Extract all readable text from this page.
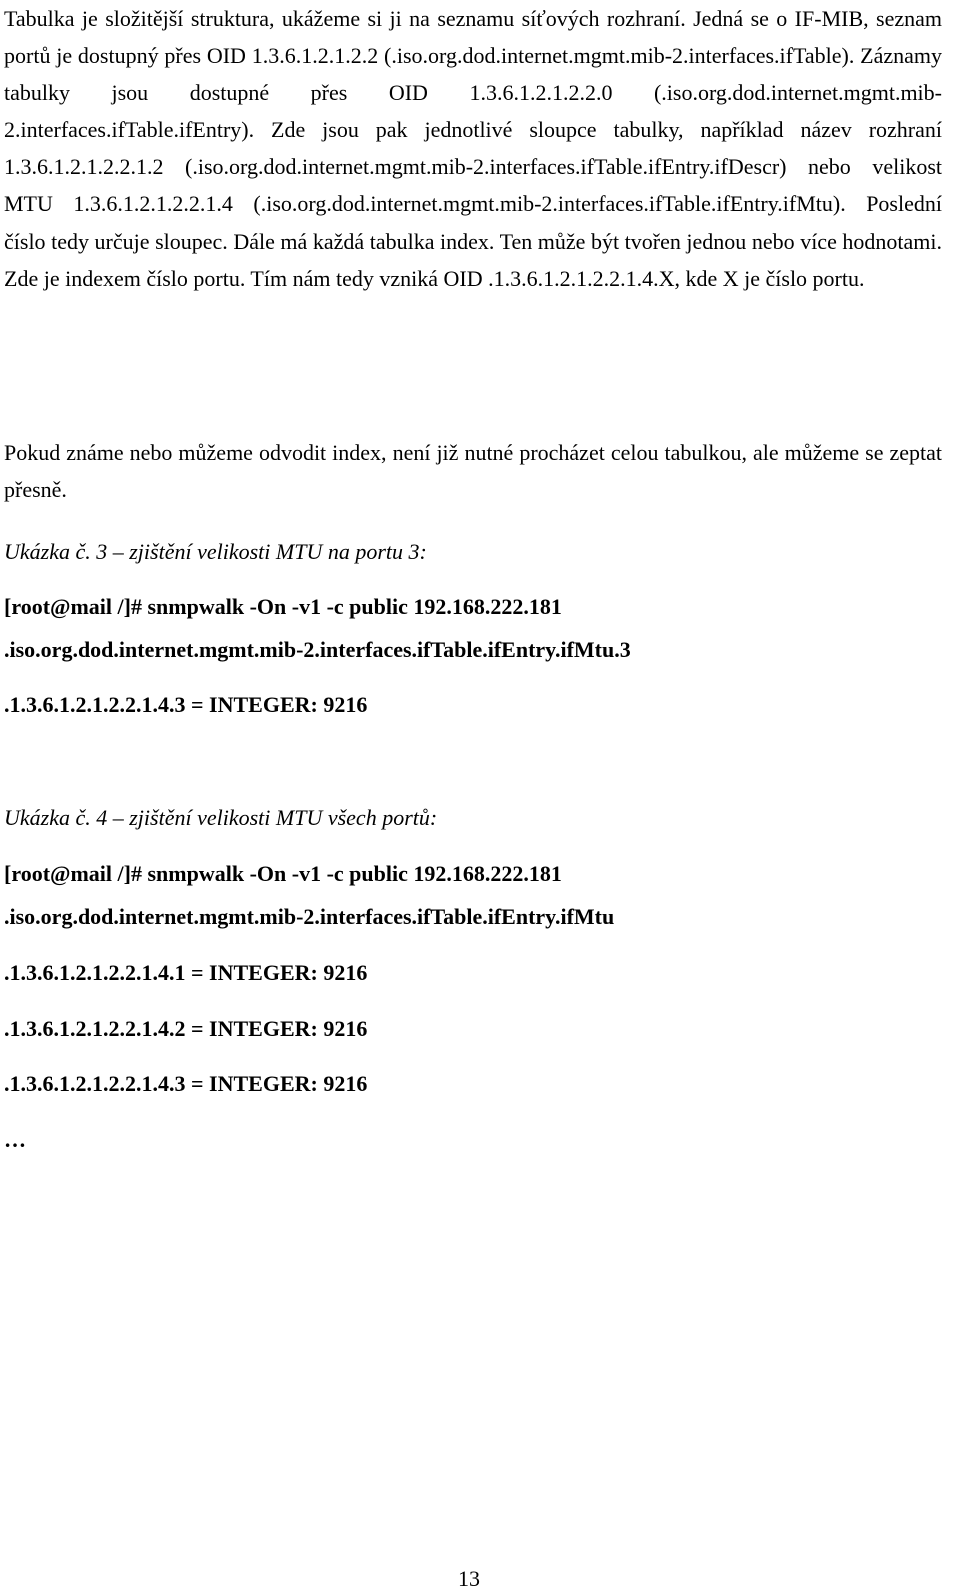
Tabulka je složitější struktura, ukážeme si ji na seznamu síťových rozhraní. Jedná se o IF-MIB, seznam portů je dostupný přes OID 1.3.6.1.2.1.2.2 (.iso.org.dod.internet.mgmt.mib-2.interfaces.ifTable). Záznamy tabulky jsou dostupné přes OID 1.3.6.1.2.1.2.2.0 (.iso.org.dod.internet.mgmt.mib-2.interfaces.ifTable.ifEntry). Zde jsou pak jednotlivé sloupce tabulky, například název rozhraní 1.3.6.1.2.1.2.2.1.2 (.iso.org.dod.internet.mgmt.mib-2.interfaces.ifTable.ifEntry.ifDescr) nebo velikost MTU 1.3.6.1.2.1.2.2.1.4 (.iso.org.dod.internet.mgmt.mib-2.interfaces.ifTable.ifEntry.ifMtu). Poslední číslo tedy určuje sloupec. Dále má každá tabulka index. Ten může být tvořen jednou nebo více hodnotami. Zde je indexem číslo portu. Tím nám tedy vzniká OID .1.3.6.1.2.1.2.2.1.4.X, kde X je číslo portu.

Pokud známe nebo můžeme odvodit index, není již nutné procházet celou tabulkou, ale můžeme se zeptat přesně.

Ukázka č. 3 – zjištění velikosti MTU na portu 3:

[root@mail /]# snmpwalk -On -v1 -c public 192.168.222.181

.iso.org.dod.internet.mgmt.mib-2.interfaces.ifTable.ifEntry.ifMtu.3

.1.3.6.1.2.1.2.2.1.4.3 = INTEGER: 9216

Ukázka č. 4 – zjištění velikosti MTU všech portů:

[root@mail /]# snmpwalk -On -v1 -c public 192.168.222.181

.iso.org.dod.internet.mgmt.mib-2.interfaces.ifTable.ifEntry.ifMtu

.1.3.6.1.2.1.2.2.1.4.1 = INTEGER: 9216

.1.3.6.1.2.1.2.2.1.4.2 = INTEGER: 9216

.1.3.6.1.2.1.2.2.1.4.3 = INTEGER: 9216

…

13
